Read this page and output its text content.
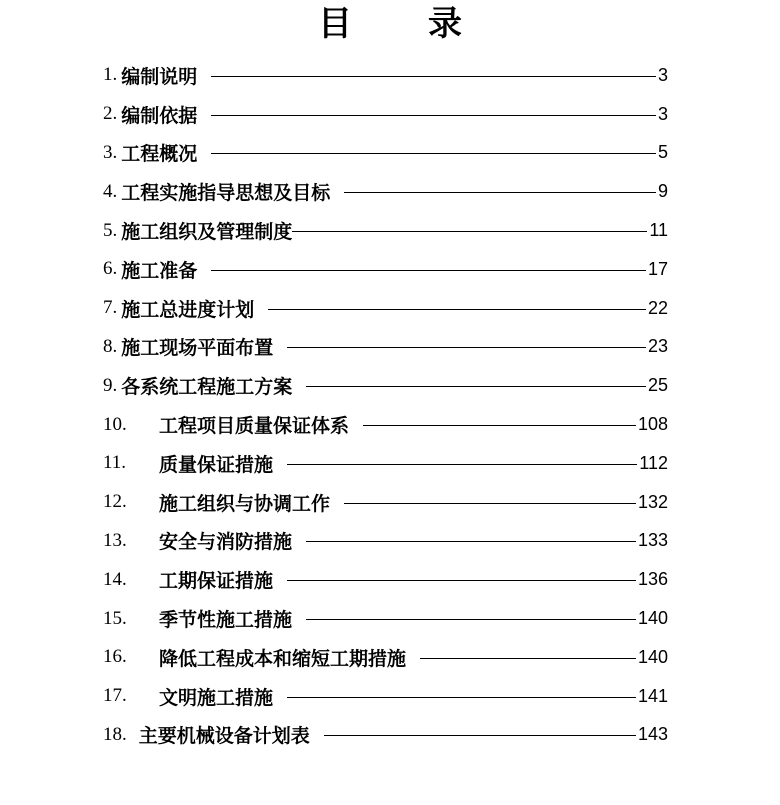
目 录
1. 编制说明	3
2. 编制依据	3
3. 工程概况	5
4. 工程实施指导思想及目标	9
5. 施工组织及管理制度	11
6. 施工准备	17
7. 施工总进度计划	22
8. 施工现场平面布置	23
9. 各系统工程施工方案	25
10.	工程项目质量保证体系	108
11.	质量保证措施	112
12.	施工组织与协调工作	132
13.	安全与消防措施	133
14.	工期保证措施	136
15.	季节性施工措施	140
16.	降低工程成本和缩短工期措施	140
17.	文明施工措施	141
18. 主要机械设备计划表	143
